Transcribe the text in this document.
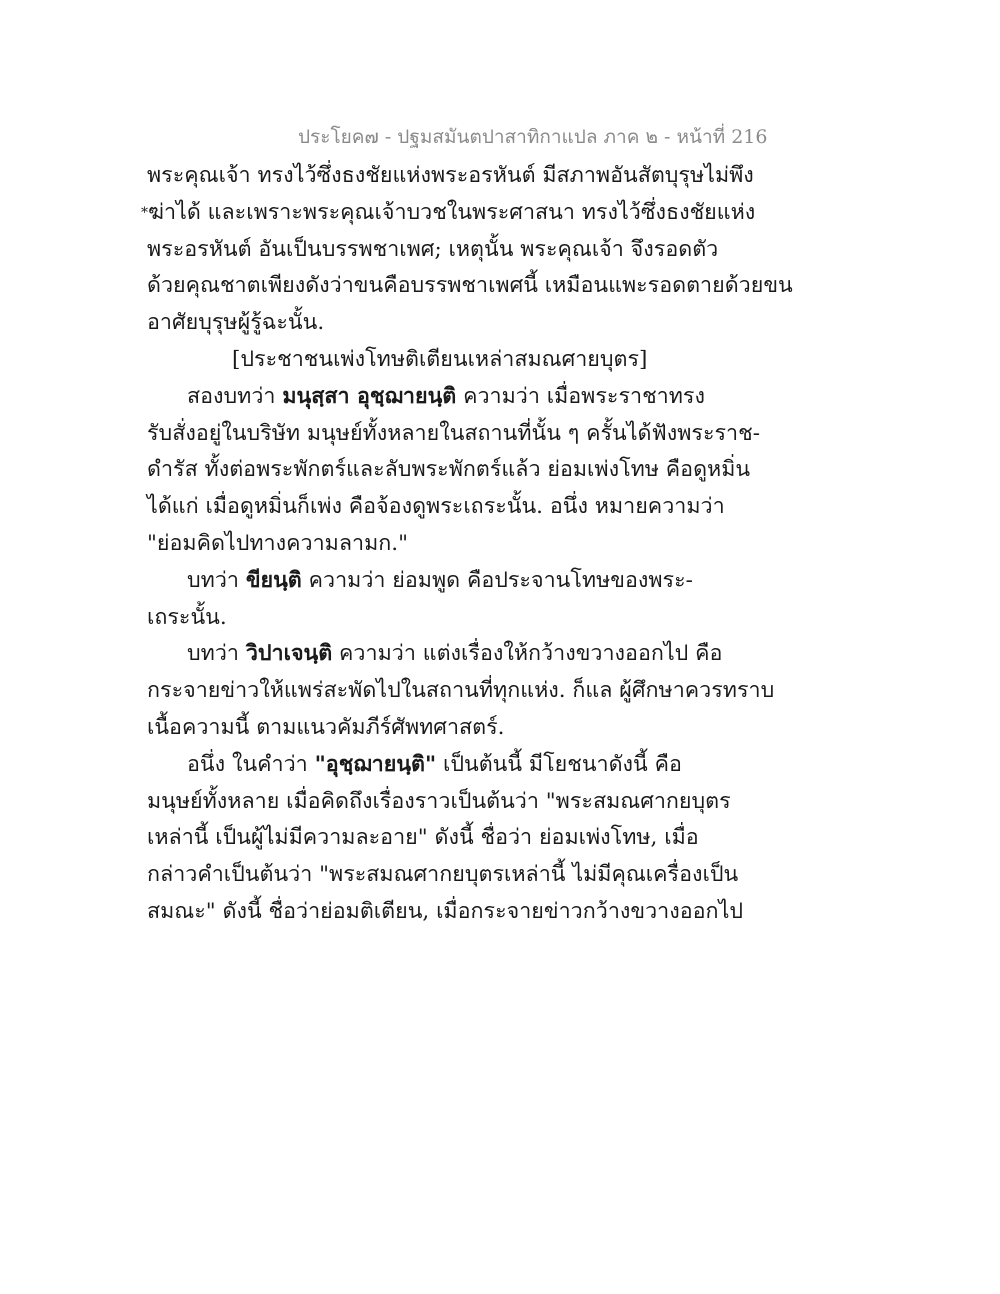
ประโยค๗ - ปฐมสมันตปาสาทิกาแปล ภาค ๒ - หน้าที่ 216
พระคุณเจ้า ทรงไว้ซึ่งธงชัยแห่งพระอรหันต์ มีสภาพอันสัตบุรุษไม่พึง
*ฆ่าได้ และเพราะพระคุณเจ้าบวชในพระศาสนา ทรงไว้ซึ่งธงชัยแห่ง
พระอรหันต์ อันเป็นบรรพชาเพศ; เหตุนั้น พระคุณเจ้า จึงรอดตัว
ด้วยคุณชาตเพียงดังว่าขนคือบรรพชาเพศนี้ เหมือนแพะรอดตายด้วยขน
อาศัยบุรุษผู้รู้ฉะนั้น.
[ประชาชนเพ่งโทษติเตียนเหล่าสมณศายบุตร]
สองบทว่า มนุสฺสา อุชฺฌายนฺติ ความว่า เมื่อพระราชาทรง
รับสั่งอยู่ในบริษัท มนุษย์ทั้งหลายในสถานที่นั้น ๆ ครั้นได้ฟังพระราช-
ดำรัส ทั้งต่อพระพักตร์และลับพระพักตร์แล้ว ย่อมเพ่งโทษ คือดูหมิ่น
ได้แก่ เมื่อดูหมิ่นก็เพ่ง คือจ้องดูพระเถระนั้น. อนึ่ง หมายความว่า
"ย่อมคิดไปทางความลามก."
บทว่า ขียนฺติ ความว่า ย่อมพูด คือประจานโทษของพระ-
เถระนั้น.
บทว่า วิปาเจนฺติ ความว่า แต่งเรื่องให้กว้างขวางออกไป คือ
กระจายข่าวให้แพร่สะพัดไปในสถานที่ทุกแห่ง. ก็แล ผู้ศึกษาควรทราบ
เนื้อความนี้ ตามแนวคัมภีร์ศัพทศาสตร์.
อนึ่ง ในคำว่า "อุชฺฌายนฺติ" เป็นต้นนี้ มีโยชนาดังนี้ คือ
มนุษย์ทั้งหลาย เมื่อคิดถึงเรื่องราวเป็นต้นว่า "พระสมณศากยบุตร
เหล่านี้ เป็นผู้ไม่มีความละอาย" ดังนี้ ชื่อว่า ย่อมเพ่งโทษ, เมื่อ
กล่าวคำเป็นต้นว่า "พระสมณศากยบุตรเหล่านี้ ไม่มีคุณเครื่องเป็น
สมณะ" ดังนี้ ชื่อว่าย่อมติเตียน, เมื่อกระจายข่าวกว้างขวางออกไป
